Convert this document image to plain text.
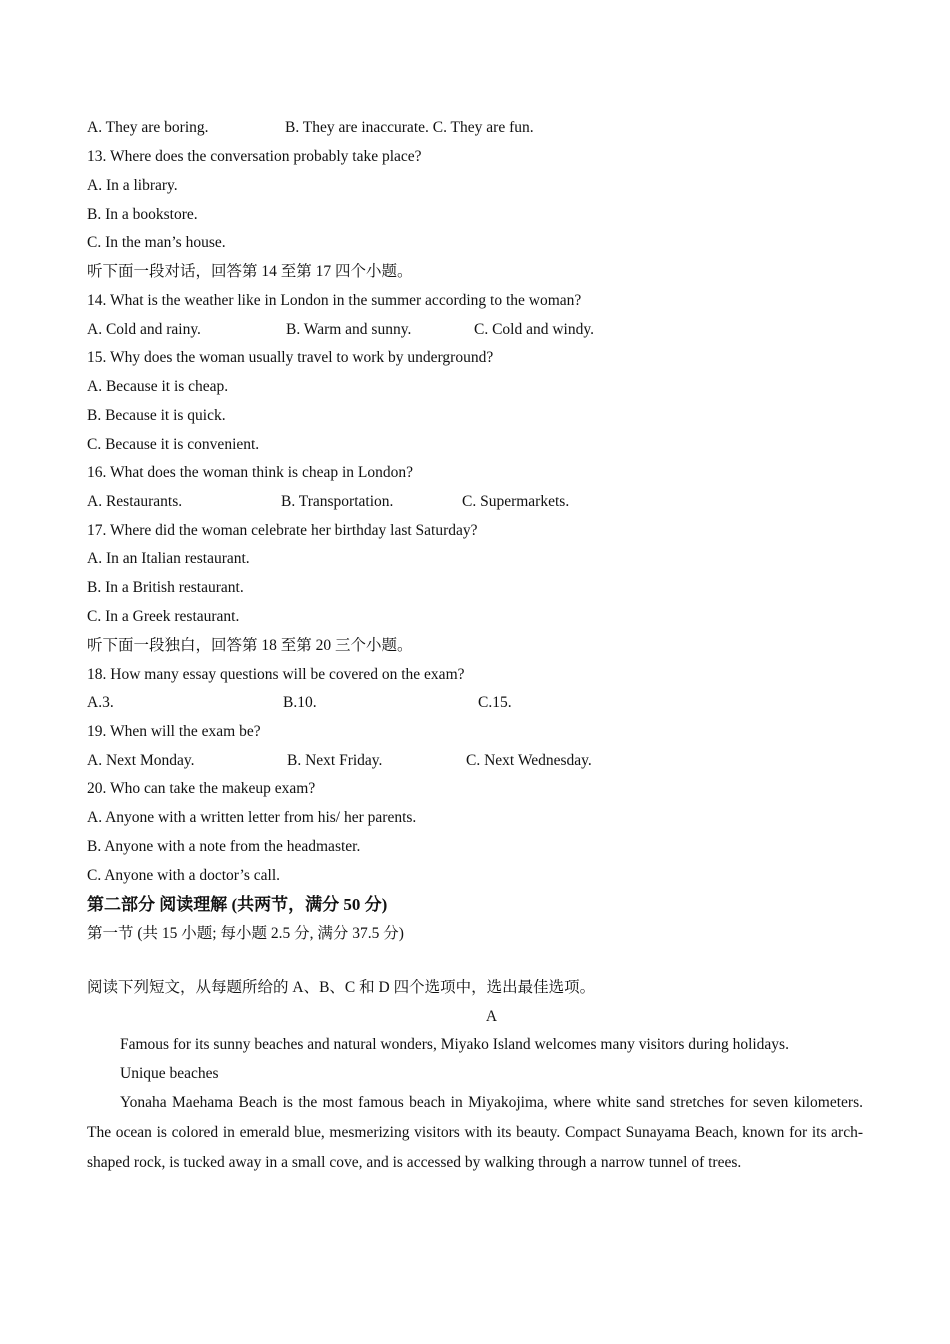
A. They are boring.	B. They are inaccurate. C. They are fun.
13. Where does the conversation probably take place?
A. In a library.
B. In a bookstore.
C. In the man’s house.
听下面一段对话，回答第 14 至第 17 四个小题。
14. What is the weather like in London in the summer according to the woman?
A. Cold and rainy.	B. Warm and sunny.	C. Cold and windy.
15. Why does the woman usually travel to work by underground?
A. Because it is cheap.
B. Because it is quick.
C. Because it is convenient.
16. What does the woman think is cheap in London?
A. Restaurants.	B. Transportation.	C. Supermarkets.
17. Where did the woman celebrate her birthday last Saturday?
A. In an Italian restaurant.
B. In a British restaurant.
C. In a Greek restaurant.
听下面一段独白，回答第 18 至第 20 三个小题。
18. How many essay questions will be covered on the exam?
A.3.	B.10.	C.15.
19. When will the exam be?
A. Next Monday.	B. Next Friday.	C. Next Wednesday.
20. Who can take the makeup exam?
A. Anyone with a written letter from his/ her parents.
B. Anyone with a note from the headmaster.
C. Anyone with a doctor’s call.
第二部分 阅读理解 (共两节，满分 50 分)
第一节 (共 15 小题; 每小题 2.5 分, 满分 37.5 分)
阅读下列短文，从每题所给的 A、B、C 和 D 四个选项中，选出最佳选项。
A
Famous for its sunny beaches and natural wonders, Miyako Island welcomes many visitors during holidays.
Unique beaches
Yonaha Maehama Beach is the most famous beach in Miyakojima, where white sand stretches for seven kilometers. The ocean is colored in emerald blue, mesmerizing visitors with its beauty. Compact Sunayama Beach, known for its arch-shaped rock, is tucked away in a small cove, and is accessed by walking through a narrow tunnel of trees.
